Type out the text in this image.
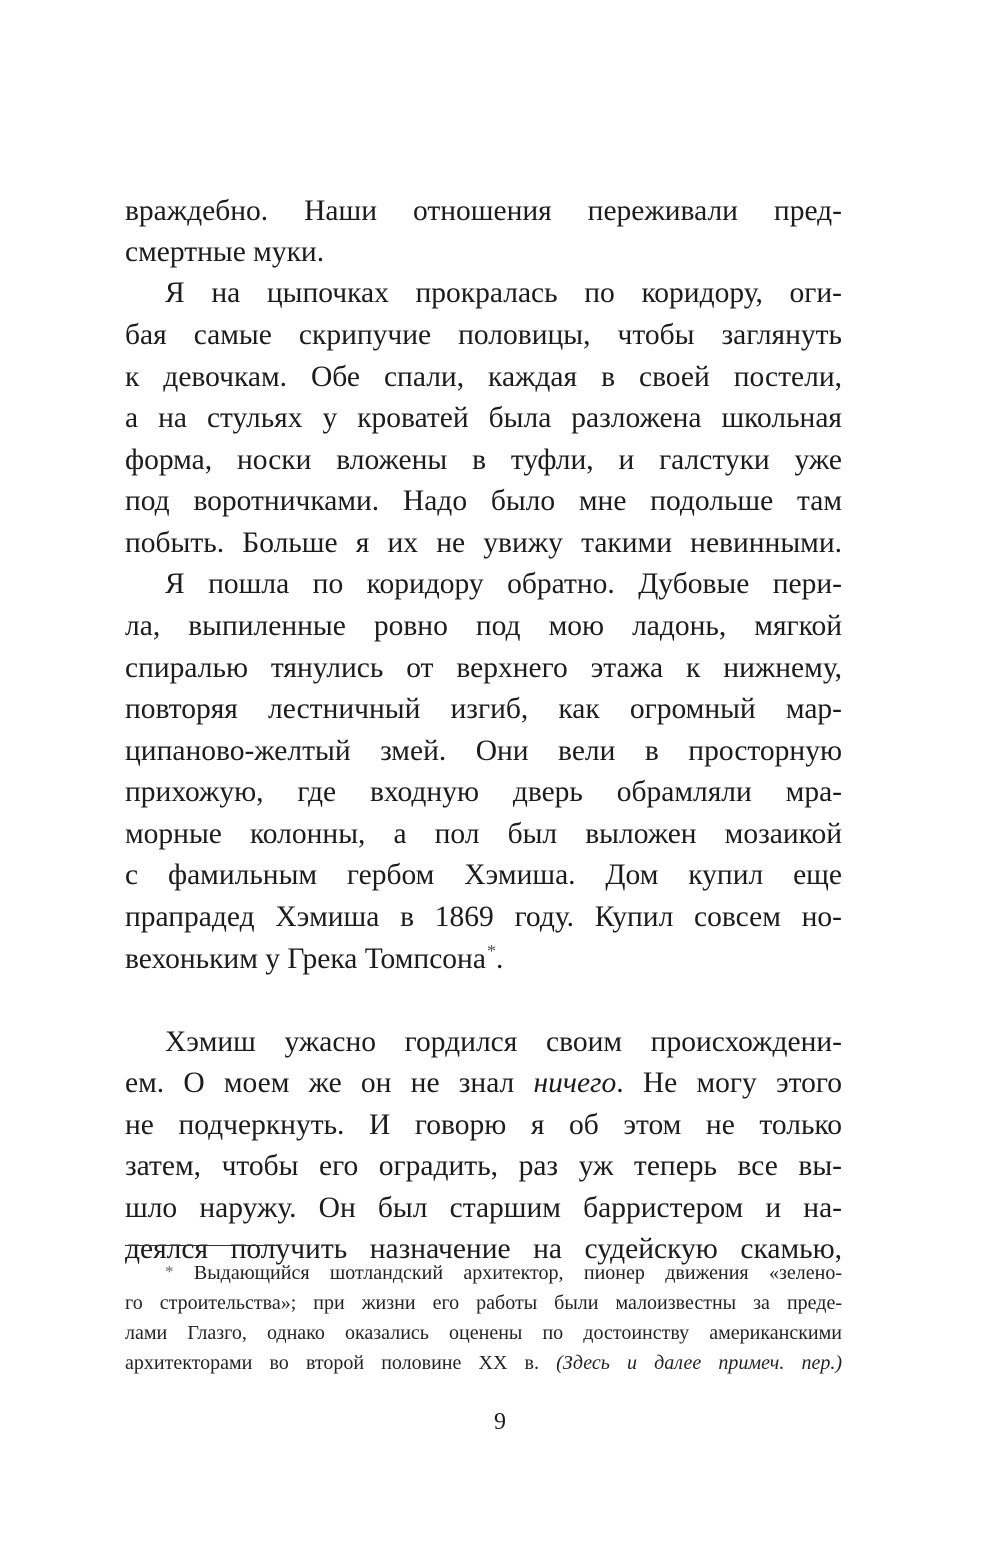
враждебно. Наши отношения переживали пред-
смертные муки.
Я на цыпочках прокралась по коридору, оги-
бая самые скрипучие половицы, чтобы заглянуть
к девочкам. Обе спали, каждая в своей постели,
а на стульях у кроватей была разложена школьная
форма, носки вложены в туфли, и галстуки уже
под воротничками. Надо было мне подольше там
побыть. Больше я их не увижу такими невинными.
Я пошла по коридору обратно. Дубовые пери-
ла, выпиленные ровно под мою ладонь, мягкой
спиралью тянулись от верхнего этажа к нижнему,
повторяя лестничный изгиб, как огромный мар-
ципаново-желтый змей. Они вели в просторную
прихожую, где входную дверь обрамляли мра-
морные колонны, а пол был выложен мозаикой
с фамильным гербом Хэмиша. Дом купил еще
прапрадед Хэмиша в 1869 году. Купил совсем но-
вехоньким у Грека Томпсона*.
Хэмиш ужасно гордился своим происхождени-
ем. О моем же он не знал ничего. Не могу этого
не подчеркнуть. И говорю я об этом не только
затем, чтобы его оградить, раз уж теперь все вы-
шло наружу. Он был старшим барристером и на-
деялся получить назначение на судейскую скамью,
* Выдающийся шотландский архитектор, пионер движения «зелено-
го строительства»; при жизни его работы были малоизвестны за преде-
лами Глазго, однако оказались оценены по достоинству американскими
архитекторами во второй половине XX в. (Здесь и далее примеч. пер.)
9
